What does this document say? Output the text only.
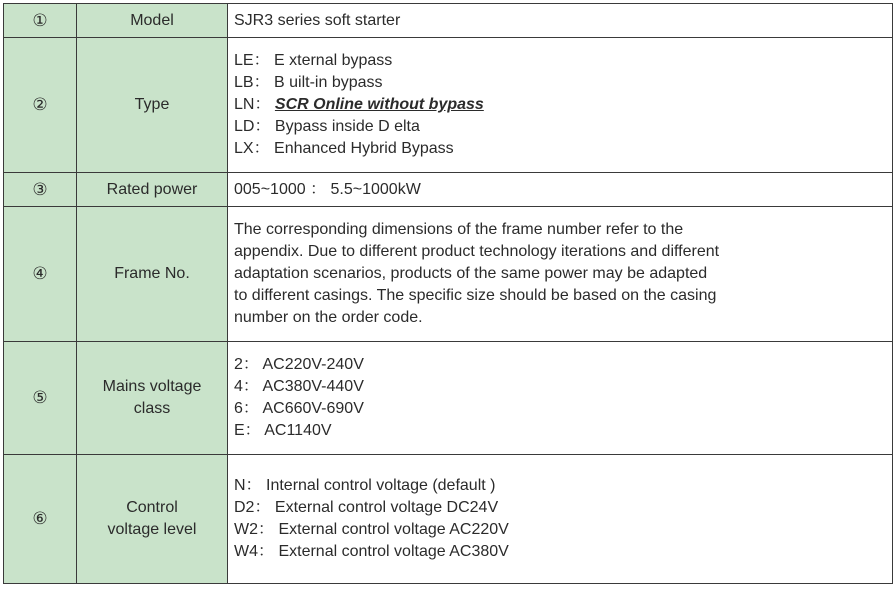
①	Model	SJR3 series soft starter

②	Type	LE： E xternal bypass
LB： B uilt-in bypass
LN： SCR Online without bypass
LD： Bypass inside D elta
LX： Enhanced Hybrid Bypass

③	Rated power	005~1000 ： 5.5~1000kW

④	Frame No.	The corresponding dimensions of the frame number refer to the
appendix. Due to different product technology iterations and different
adaptation scenarios, products of the same power may be adapted
to different casings. The specific size should be based on the casing
number on the order code.

⑤	Mains voltage
class	2： AC220V-240V
4： AC380V-440V
6： AC660V-690V
E： AC1140V

⑥	Control
voltage level	N： Internal control voltage (default )
D2： External control voltage DC24V
W2： External control voltage AC220V
W4： External control voltage AC380V
